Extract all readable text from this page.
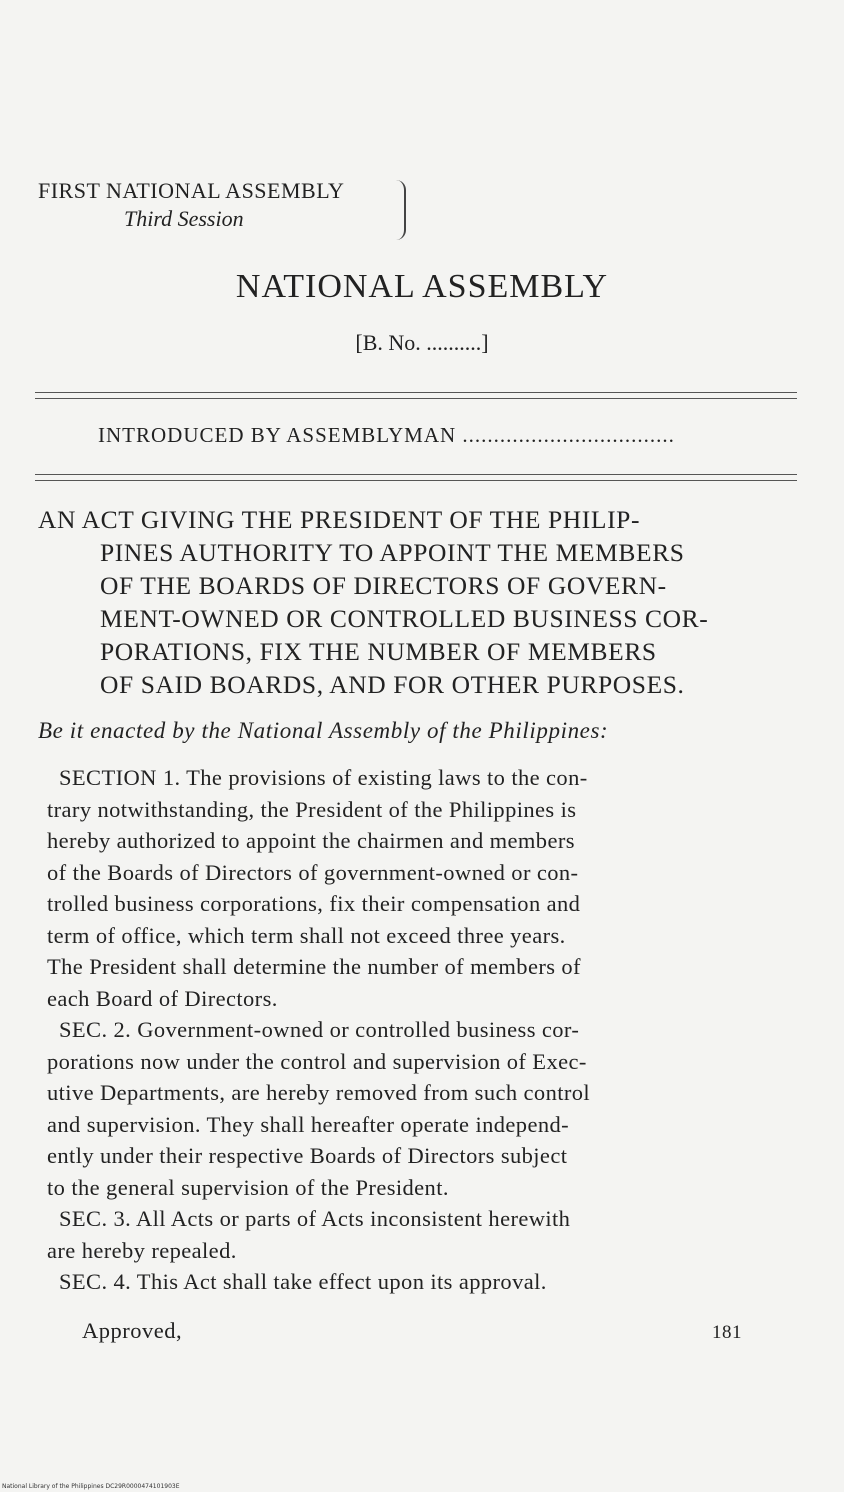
FIRST NATIONAL ASSEMBLY
Third Session
NATIONAL ASSEMBLY
[B. No. ..........]
INTRODUCED BY ASSEMBLYMAN ..................................
AN ACT GIVING THE PRESIDENT OF THE PHILIP-
PINES AUTHORITY TO APPOINT THE MEMBERS
OF THE BOARDS OF DIRECTORS OF GOVERN-
MENT-OWNED OR CONTROLLED BUSINESS COR-
PORATIONS, FIX THE NUMBER OF MEMBERS
OF SAID BOARDS, AND FOR OTHER PURPOSES.
Be it enacted by the National Assembly of the Philippines:
SECTION 1. The provisions of existing laws to the con-
trary notwithstanding, the President of the Philippines is
hereby authorized to appoint the chairmen and members
of the Boards of Directors of government-owned or con-
trolled business corporations, fix their compensation and
term of office, which term shall not exceed three years.
The President shall determine the number of members of
each Board of Directors.
SEC. 2. Government-owned or controlled business cor-
porations now under the control and supervision of Exec-
utive Departments, are hereby removed from such control
and supervision. They shall hereafter operate independ-
ently under their respective Boards of Directors subject
to the general supervision of the President.
SEC. 3. All Acts or parts of Acts inconsistent herewith
are hereby repealed.
SEC. 4. This Act shall take effect upon its approval.
Approved,	181
National Library of the Philippines DC29R0000474101903E
